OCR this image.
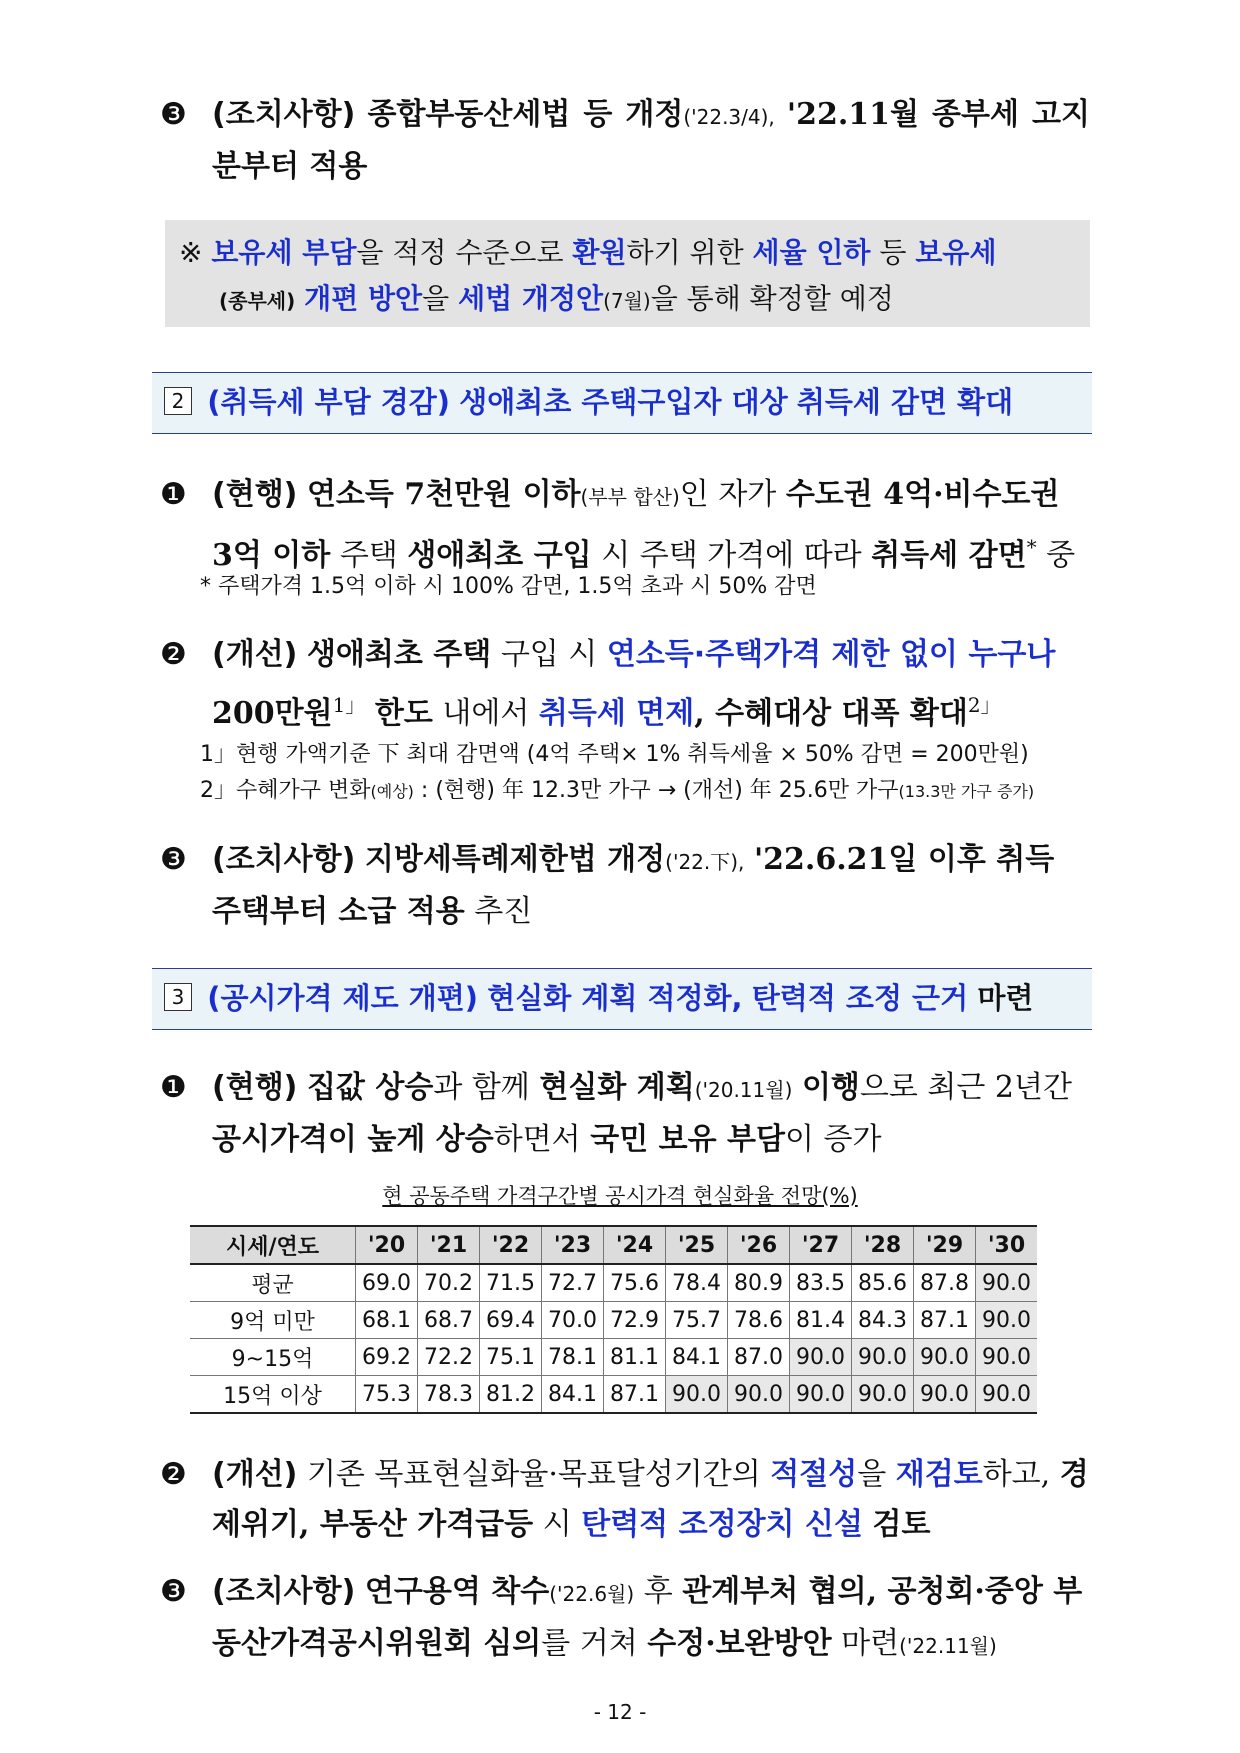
❸ (조치사항) 종합부동산세법 등 개정('22.3/4), '22.11월 종부세 고지분부터 적용
※ 보유세 부담을 적정 수준으로 환원하기 위한 세율 인하 등 보유세
(종부세) 개편 방안을 세법 개정안(7월)을 통해 확정할 예정
2 (취득세 부담 경감) 생애최초 주택구입자 대상 취득세 감면 확대
❶ (현행) 연소득 7천만원 이하(부부 합산)인 자가 수도권 4억·비수도권 3억 이하 주택 생애최초 구입 시 주택 가격에 따라 취득세 감면* 중
* 주택가격 1.5억 이하 시 100% 감면, 1.5억 초과 시 50% 감면
❷ (개선) 생애최초 주택 구입 시 연소득·주택가격 제한 없이 누구나 200만원$^{1」}$ 한도 내에서 취득세 면제, 수혜대상 대폭 확대$^{2」}$
1」현행 가액기준 下 최대 감면액 (4억 주택× 1% 취득세율 × 50% 감면 = 200만원)
2」수혜가구 변화(예상) : (현행) 年 12.3만 가구 → (개선) 年 25.6만 가구(13.3만 가구 증가)
❸ (조치사항) 지방세특례제한법 개정('22.下), '22.6.21일 이후 취득 주택부터 소급 적용 추진
3 (공시가격 제도 개편) 현실화 계획 적정화, 탄력적 조정 근거 마련
❶ (현행) 집값 상승과 함께 현실화 계획('20.11월) 이행으로 최근 2년간 공시가격이 높게 상승하면서 국민 보유 부담이 증가
현 공동주택 가격구간별 공시가격 현실화율 전망(%)
시세/연도	'20	'21	'22	'23	'24	'25	'26	'27	'28	'29	'30
평균	69.0	70.2	71.5	72.7	75.6	78.4	80.9	83.5	85.6	87.8	90.0
9억 미만	68.1	68.7	69.4	70.0	72.9	75.7	78.6	81.4	84.3	87.1	90.0
9~15억	69.2	72.2	75.1	78.1	81.1	84.1	87.0	90.0	90.0	90.0	90.0
15억 이상	75.3	78.3	81.2	84.1	87.1	90.0	90.0	90.0	90.0	90.0	90.0
❷ (개선) 기존 목표현실화율·목표달성기간의 적절성을 재검토하고, 경제위기, 부동산 가격급등 시 탄력적 조정장치 신설 검토
❸ (조치사항) 연구용역 착수('22.6월) 후 관계부처 협의, 공청회·중앙 부동산가격공시위원회 심의를 거쳐 수정·보완방안 마련('22.11월)
- 12 -
